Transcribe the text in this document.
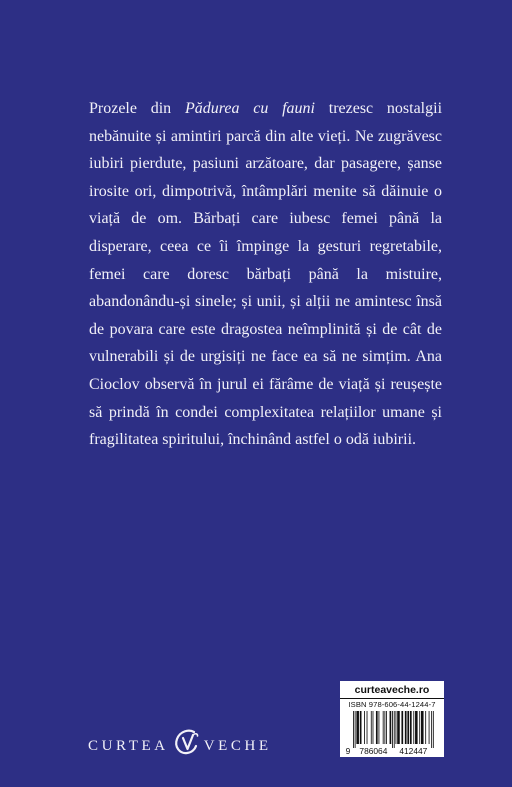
Prozele din Pădurea cu fauni trezesc nostalgii nebănuite și amintiri parcă din alte vieți. Ne zugrăvesc iubiri pierdute, pasiuni arzătoare, dar pasagere, șanse irosite ori, dimpotrivă, întâmplări menite să dăinuie o viață de om. Bărbați care iubesc femei până la disperare, ceea ce îi împinge la gesturi regretabile, femei care doresc bărbați până la mistuire, abandonându-și sinele; și unii, și alții ne amintesc însă de povara care este dragostea neîmplinită și de cât de vulnerabili și de urgisiți ne face ea să ne simțim. Ana Cioclov observă în jurul ei fărâme de viață și reușește să prindă în condei complexitatea relațiilor umane și fragilitatea spiritului, închinând astfel o odă iubirii.
CURTEA VECHE
curteaveche.ro
ISBN 978-606-44-1244-7
9 786064 412447
